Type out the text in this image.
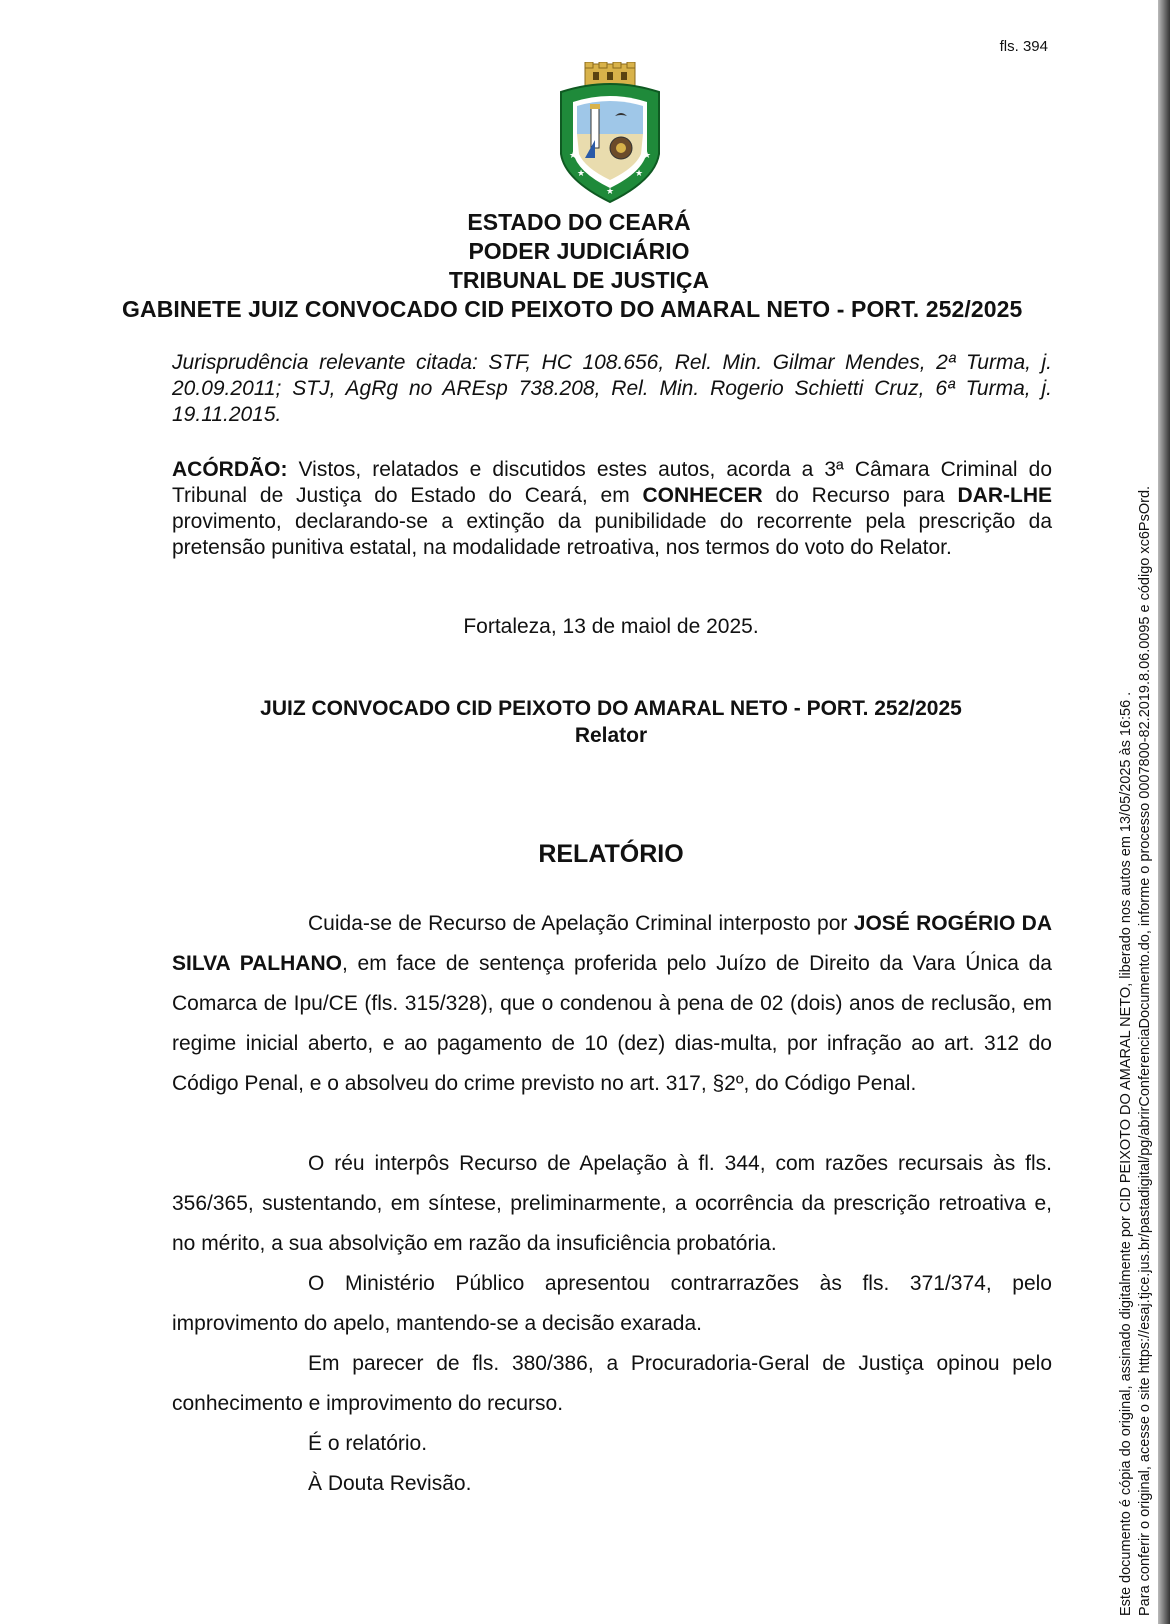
fls. 394
★	★
★	★
★
ESTADO DO CEARÁ
PODER JUDICIÁRIO
TRIBUNAL DE JUSTIÇA
GABINETE JUIZ CONVOCADO CID PEIXOTO DO AMARAL NETO - PORT. 252/2025
Jurisprudência relevante citada: STF, HC 108.656, Rel. Min. Gilmar Mendes, 2ª Turma, j. 20.09.2011; STJ, AgRg no AREsp 738.208, Rel. Min. Rogerio Schietti Cruz, 6ª Turma, j. 19.11.2015.
ACÓRDÃO: Vistos, relatados e discutidos estes autos, acorda a 3ª Câmara Criminal do Tribunal de Justiça do Estado do Ceará, em CONHECER do Recurso para DAR-LHE provimento, declarando-se a extinção da punibilidade do recorrente pela prescrição da pretensão punitiva estatal, na modalidade retroativa, nos termos do voto do Relator.
Fortaleza, 13 de maiol de 2025.
JUIZ CONVOCADO CID PEIXOTO DO AMARAL NETO - PORT. 252/2025
Relator
RELATÓRIO
Cuida-se de Recurso de Apelação Criminal interposto por JOSÉ ROGÉRIO DA SILVA PALHANO, em face de sentença proferida pelo Juízo de Direito da Vara Única da Comarca de Ipu/CE (fls. 315/328), que o condenou à pena de 02 (dois) anos de reclusão, em regime inicial aberto, e ao pagamento de 10 (dez) dias-multa, por infração ao art. 312 do Código Penal, e o absolveu do crime previsto no art. 317, §2º, do Código Penal.
O réu interpôs Recurso de Apelação à fl. 344, com razões recursais às fls. 356/365, sustentando, em síntese, preliminarmente, a ocorrência da prescrição retroativa e, no mérito, a sua absolvição em razão da insuficiência probatória.
O Ministério Público apresentou contrarrazões às fls. 371/374, pelo improvimento do apelo, mantendo-se a decisão exarada.
Em parecer de fls. 380/386, a Procuradoria-Geral de Justiça opinou pelo conhecimento e improvimento do recurso.
É o relatório.
À Douta Revisão.	Este documento é cópia do original, assinado digitalmente por CID PEIXOTO DO AMARAL NETO, liberado nos autos em 13/05/2025 às 16:56 . Para conferir o original, acesse o site https://esaj.tjce.jus.br/pastadigital/pg/abrirConferenciaDocumento.do, informe o processo 0007800-82.2019.8.06.0095 e código xc6PsOrd.
